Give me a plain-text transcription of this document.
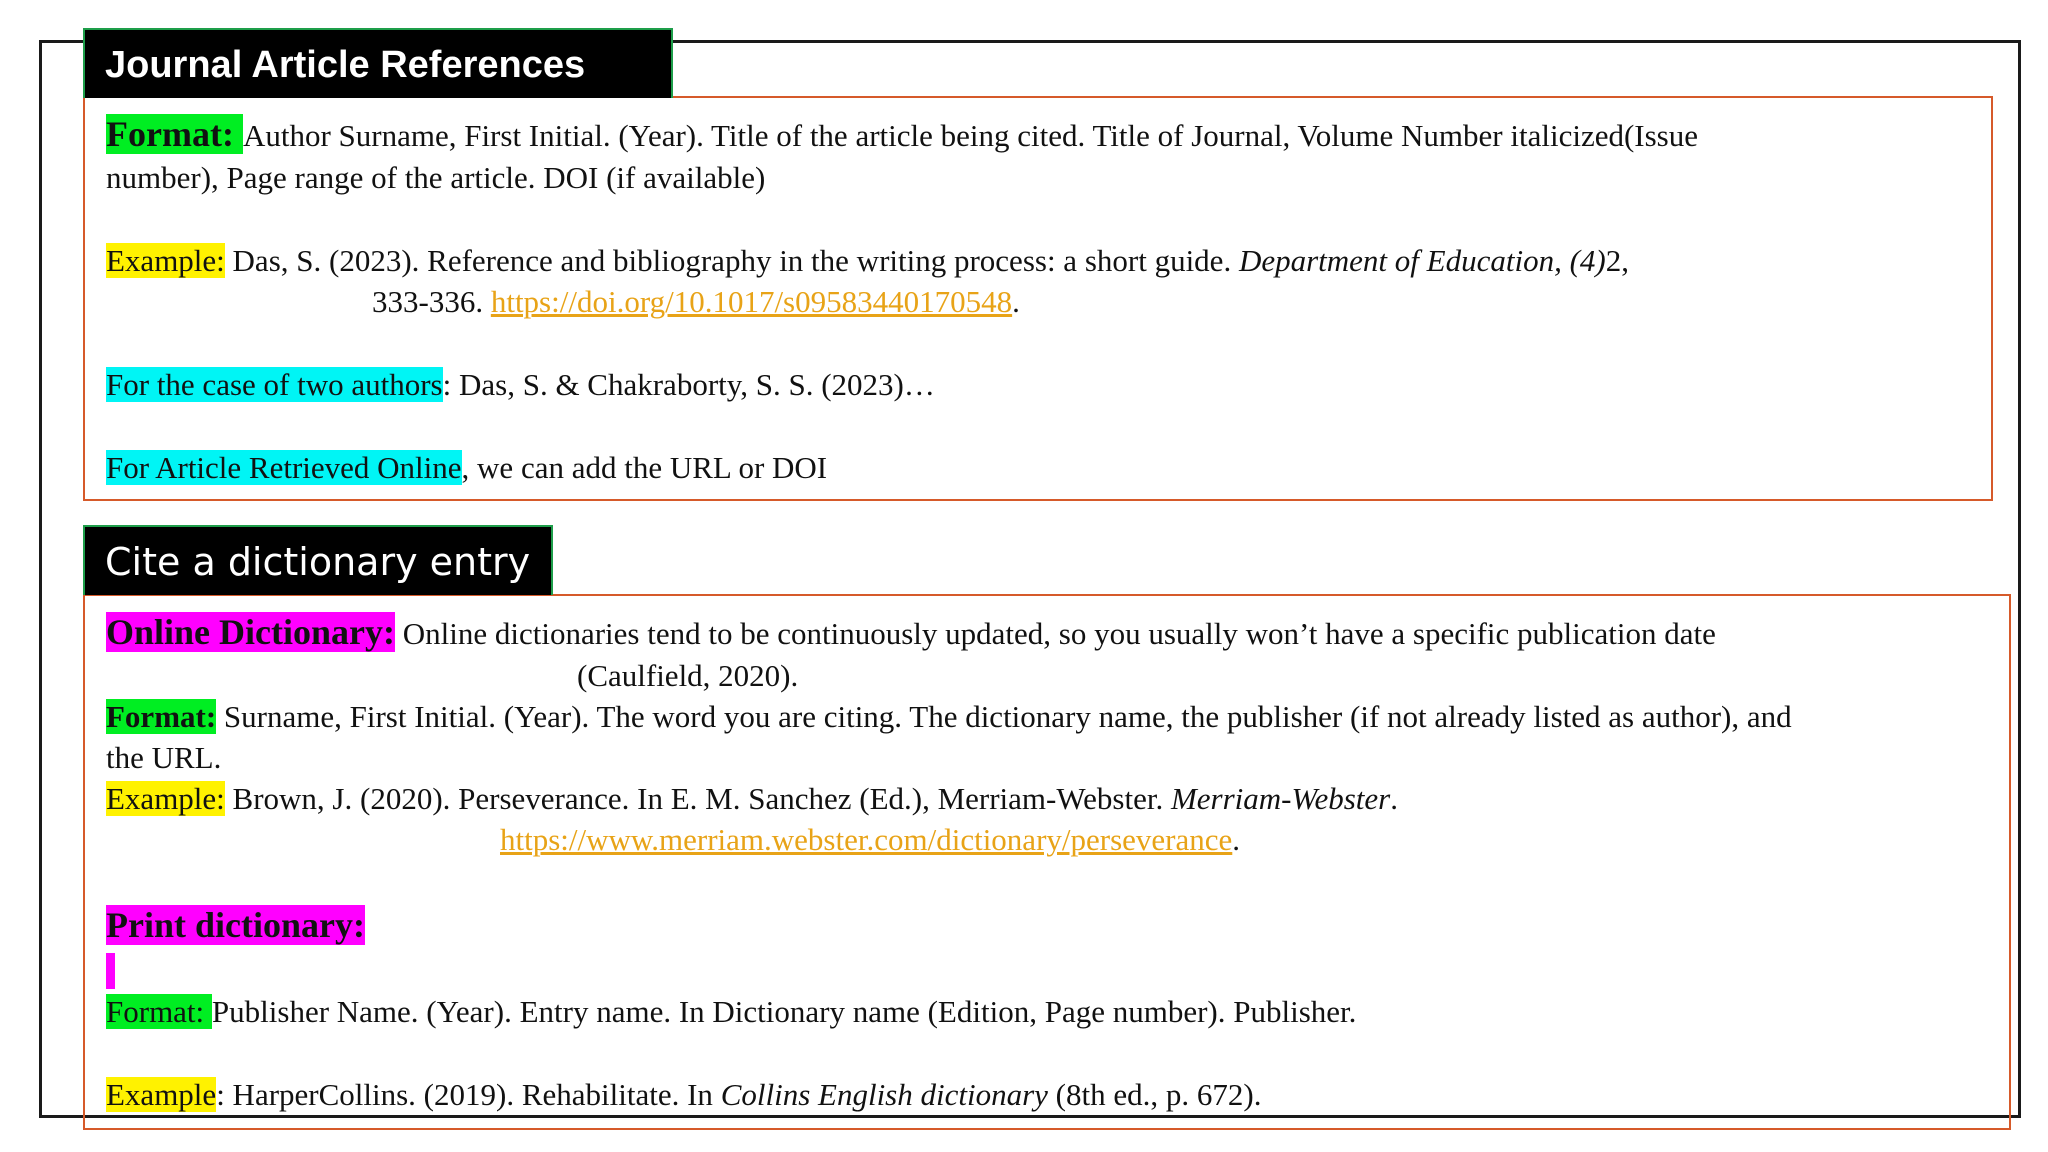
Journal Article References
Format: Author Surname, First Initial. (Year). Title of the article being cited. Title of Journal, Volume Number italicized(Issue
number), Page range of the article. DOI (if available)
Example: Das, S. (2023). Reference and bibliography in the writing process: a short guide. Department of Education, (4)2,
333-336. https://doi.org/10.1017/s09583440170548.
For the case of two authors: Das, S. & Chakraborty, S. S. (2023)…
For Article Retrieved Online, we can add the URL or DOI
Cite a dictionary entry
Online Dictionary: Online dictionaries tend to be continuously updated, so you usually won’t have a specific publication date
(Caulfield, 2020).
Format: Surname, First Initial. (Year). The word you are citing. The dictionary name, the publisher (if not already listed as author), and
the URL.
Example: Brown, J. (2020). Perseverance. In E. M. Sanchez (Ed.), Merriam-Webster. Merriam-Webster.
https://www.merriam.webster.com/dictionary/perseverance.
Print dictionary:
Format: Publisher Name. (Year). Entry name. In Dictionary name (Edition, Page number). Publisher.
Example: HarperCollins. (2019). Rehabilitate. In Collins English dictionary (8th ed., p. 672).
